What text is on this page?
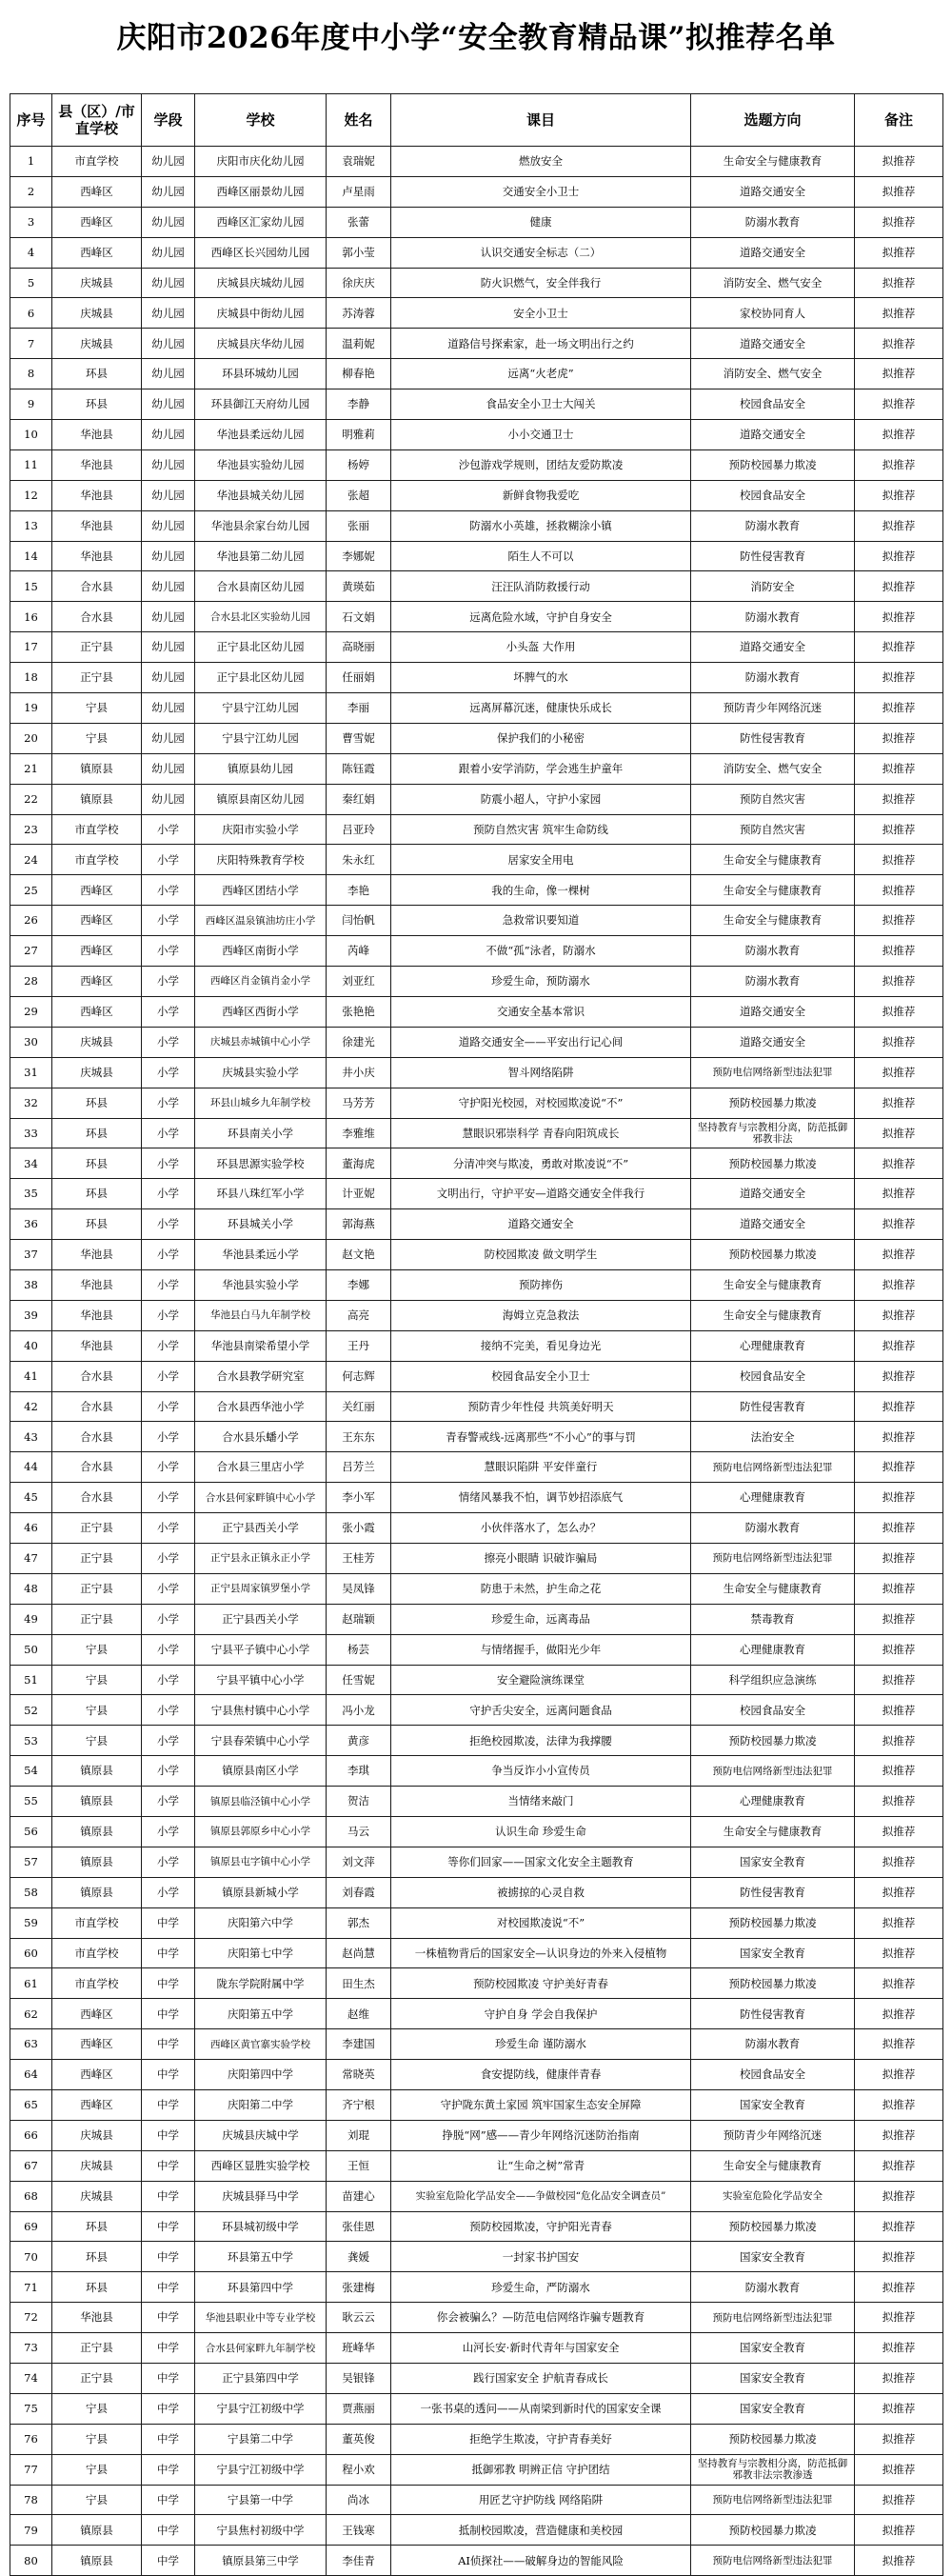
庆阳市2026年度中小学“安全教育精品课”拟推荐名单
序号	县（区）/市直学校	学段	学校	姓名	课目	选题方向	备注
1	市直学校	幼儿园	庆阳市庆化幼儿园	袁瑞妮	燃放安全	生命安全与健康教育	拟推荐
2	西峰区	幼儿园	西峰区丽景幼儿园	卢星雨	交通安全小卫士	道路交通安全	拟推荐
3	西峰区	幼儿园	西峰区汇家幼儿园	张蕾	健康	防溺水教育	拟推荐
4	西峰区	幼儿园	西峰区长兴园幼儿园	郭小莹	认识交通安全标志（二）	道路交通安全	拟推荐
5	庆城县	幼儿园	庆城县庆城幼儿园	徐庆庆	防火识燃气，安全伴我行	消防安全、燃气安全	拟推荐
6	庆城县	幼儿园	庆城县中街幼儿园	苏涛蓉	安全小卫士	家校协同育人	拟推荐
7	庆城县	幼儿园	庆城县庆华幼儿园	温莉妮	道路信号探索家，赴一场文明出行之约	道路交通安全	拟推荐
8	环县	幼儿园	环县环城幼儿园	柳春艳	远离“火老虎”	消防安全、燃气安全	拟推荐
9	环县	幼儿园	环县御江天府幼儿园	李静	食品安全小卫士大闯关	校园食品安全	拟推荐
10	华池县	幼儿园	华池县柔远幼儿园	明雅莉	小小交通卫士	道路交通安全	拟推荐
11	华池县	幼儿园	华池县实验幼儿园	杨婷	沙包游戏学规则，团结友爱防欺凌	预防校园暴力欺凌	拟推荐
12	华池县	幼儿园	华池县城关幼儿园	张超	新鲜食物我爱吃	校园食品安全	拟推荐
13	华池县	幼儿园	华池县余家台幼儿园	张丽	防溺水小英雄，拯救糊涂小镇	防溺水教育	拟推荐
14	华池县	幼儿园	华池县第二幼儿园	李娜妮	陌生人不可以	防性侵害教育	拟推荐
15	合水县	幼儿园	合水县南区幼儿园	黄瑛茹	汪汪队消防救援行动	消防安全	拟推荐
16	合水县	幼儿园	合水县北区实验幼儿园	石文娟	远离危险水域，守护自身安全	防溺水教育	拟推荐
17	正宁县	幼儿园	正宁县北区幼儿园	高晓丽	小头盔 大作用	道路交通安全	拟推荐
18	正宁县	幼儿园	正宁县北区幼儿园	任丽娟	坏脾气的水	防溺水教育	拟推荐
19	宁县	幼儿园	宁县宁江幼儿园	李丽	远离屏幕沉迷，健康快乐成长	预防青少年网络沉迷	拟推荐
20	宁县	幼儿园	宁县宁江幼儿园	曹雪妮	保护我们的小秘密	防性侵害教育	拟推荐
21	镇原县	幼儿园	镇原县幼儿园	陈钰霞	跟着小安学消防，学会逃生护童年	消防安全、燃气安全	拟推荐
22	镇原县	幼儿园	镇原县南区幼儿园	秦红娟	防震小超人，守护小家园	预防自然灾害	拟推荐
23	市直学校	小学	庆阳市实验小学	吕亚玲	预防自然灾害 筑牢生命防线	预防自然灾害	拟推荐
24	市直学校	小学	庆阳特殊教育学校	朱永红	居家安全用电	生命安全与健康教育	拟推荐
25	西峰区	小学	西峰区团结小学	李艳	我的生命，像一棵树	生命安全与健康教育	拟推荐
26	西峰区	小学	西峰区温泉镇油坊庄小学	闫怡帆	急救常识要知道	生命安全与健康教育	拟推荐
27	西峰区	小学	西峰区南街小学	芮峰	不做“孤”泳者，防溺水	防溺水教育	拟推荐
28	西峰区	小学	西峰区肖金镇肖金小学	刘亚红	珍爱生命，预防溺水	防溺水教育	拟推荐
29	西峰区	小学	西峰区西街小学	张艳艳	交通安全基本常识	道路交通安全	拟推荐
30	庆城县	小学	庆城县赤城镇中心小学	徐建光	道路交通安全——平安出行记心间	道路交通安全	拟推荐
31	庆城县	小学	庆城县实验小学	井小庆	智斗网络陷阱	预防电信网络新型违法犯罪	拟推荐
32	环县	小学	环县山城乡九年制学校	马芳芳	守护阳光校园，对校园欺凌说“不”	预防校园暴力欺凌	拟推荐
33	环县	小学	环县南关小学	李雅维	慧眼识邪崇科学 青春向阳筑成长	坚持教育与宗教相分离，防范抵御邪教非法	拟推荐
34	环县	小学	环县思源实验学校	董海虎	分清冲突与欺凌，勇敢对欺凌说“不”	预防校园暴力欺凌	拟推荐
35	环县	小学	环县八珠红军小学	计亚妮	文明出行，守护平安—道路交通安全伴我行	道路交通安全	拟推荐
36	环县	小学	环县城关小学	郭海燕	道路交通安全	道路交通安全	拟推荐
37	华池县	小学	华池县柔远小学	赵文艳	防校园欺凌 做文明学生	预防校园暴力欺凌	拟推荐
38	华池县	小学	华池县实验小学	李娜	预防摔伤	生命安全与健康教育	拟推荐
39	华池县	小学	华池县白马九年制学校	高亮	海姆立克急救法	生命安全与健康教育	拟推荐
40	华池县	小学	华池县南梁希望小学	王丹	接纳不完美，看见身边光	心理健康教育	拟推荐
41	合水县	小学	合水县教学研究室	何志辉	校园食品安全小卫士	校园食品安全	拟推荐
42	合水县	小学	合水县西华池小学	关红丽	预防青少年性侵 共筑美好明天	防性侵害教育	拟推荐
43	合水县	小学	合水县乐蟠小学	王东东	青春警戒线-远离那些“不小心”的事与罚	法治安全	拟推荐
44	合水县	小学	合水县三里店小学	吕芳兰	慧眼识陷阱 平安伴童行	预防电信网络新型违法犯罪	拟推荐
45	合水县	小学	合水县何家畔镇中心小学	李小军	情绪风暴我不怕，调节妙招添底气	心理健康教育	拟推荐
46	正宁县	小学	正宁县西关小学	张小霞	小伙伴落水了，怎么办？	防溺水教育	拟推荐
47	正宁县	小学	正宁县永正镇永正小学	王桂芳	擦亮小眼睛 识破诈骗局	预防电信网络新型违法犯罪	拟推荐
48	正宁县	小学	正宁县周家镇罗堡小学	吴凤锋	防患于未然，护生命之花	生命安全与健康教育	拟推荐
49	正宁县	小学	正宁县西关小学	赵瑞颖	珍爱生命，远离毒品	禁毒教育	拟推荐
50	宁县	小学	宁县平子镇中心小学	杨芸	与情绪握手，做阳光少年	心理健康教育	拟推荐
51	宁县	小学	宁县平镇中心小学	任雪妮	安全避险演练课堂	科学组织应急演练	拟推荐
52	宁县	小学	宁县焦村镇中心小学	冯小龙	守护舌尖安全，远离问题食品	校园食品安全	拟推荐
53	宁县	小学	宁县春荣镇中心小学	黄彦	拒绝校园欺凌，法律为我撑腰	预防校园暴力欺凌	拟推荐
54	镇原县	小学	镇原县南区小学	李琪	争当反诈小小宣传员	预防电信网络新型违法犯罪	拟推荐
55	镇原县	小学	镇原县临泾镇中心小学	贺洁	当情绪来敲门	心理健康教育	拟推荐
56	镇原县	小学	镇原县郭原乡中心小学	马云	认识生命 珍爱生命	生命安全与健康教育	拟推荐
57	镇原县	小学	镇原县屯字镇中心小学	刘文萍	等你们回家——国家文化安全主题教育	国家安全教育	拟推荐
58	镇原县	小学	镇原县新城小学	刘春霞	被掳掠的心灵自救	防性侵害教育	拟推荐
59	市直学校	中学	庆阳第六中学	郭杰	对校园欺凌说“不”	预防校园暴力欺凌	拟推荐
60	市直学校	中学	庆阳第七中学	赵尚慧	一株植物背后的国家安全—认识身边的外来入侵植物	国家安全教育	拟推荐
61	市直学校	中学	陇东学院附属中学	田生杰	预防校园欺凌 守护美好青春	预防校园暴力欺凌	拟推荐
62	西峰区	中学	庆阳第五中学	赵维	守护自身 学会自我保护	防性侵害教育	拟推荐
63	西峰区	中学	西峰区黄官寨实验学校	李建国	珍爱生命 谨防溺水	防溺水教育	拟推荐
64	西峰区	中学	庆阳第四中学	常晓英	食安提防线，健康伴青春	校园食品安全	拟推荐
65	西峰区	中学	庆阳第二中学	齐宁根	守护陇东黄土家园 筑牢国家生态安全屏障	国家安全教育	拟推荐
66	庆城县	中学	庆城县庆城中学	刘琨	挣脱“网”感——青少年网络沉迷防治指南	预防青少年网络沉迷	拟推荐
67	庆城县	中学	西峰区显胜实验学校	王恒	让“生命之树”常青	生命安全与健康教育	拟推荐
68	庆城县	中学	庆城县驿马中学	苗建心	实验室危险化学品安全——争做校园“危化品安全调查员”	实验室危险化学品安全	拟推荐
69	环县	中学	环县城初级中学	张佳恩	预防校园欺凌，守护阳光青春	预防校园暴力欺凌	拟推荐
70	环县	中学	环县第五中学	龚媛	一封家书护国安	国家安全教育	拟推荐
71	环县	中学	环县第四中学	张建梅	珍爱生命，严防溺水	防溺水教育	拟推荐
72	华池县	中学	华池县职业中等专业学校	耿云云	你会被骗么？—防范电信网络诈骗专题教育	预防电信网络新型违法犯罪	拟推荐
73	正宁县	中学	合水县何家畔九年制学校	班峰华	山河长安·新时代青年与国家安全	国家安全教育	拟推荐
74	正宁县	中学	正宁县第四中学	吴银锋	践行国家安全 护航青春成长	国家安全教育	拟推荐
75	宁县	中学	宁县宁江初级中学	贾燕丽	一张书桌的透问——从南梁到新时代的国家安全课	国家安全教育	拟推荐
76	宁县	中学	宁县第二中学	董英俊	拒绝学生欺凌，守护青春美好	预防校园暴力欺凌	拟推荐
77	宁县	中学	宁县宁江初级中学	程小欢	抵御邪教 明辨正信 守护团结	坚持教育与宗教相分离，防范抵御邪教非法宗教渗透	拟推荐
78	宁县	中学	宁县第一中学	尚冰	用匠艺守护防线 网络陷阱	预防电信网络新型违法犯罪	拟推荐
79	镇原县	中学	宁县焦村初级中学	王钱寒	抵制校园欺凌，营造健康和美校园	预防校园暴力欺凌	拟推荐
80	镇原县	中学	镇原县第三中学	李佳青	AI侦探社——破解身边的智能风险	预防电信网络新型违法犯罪	拟推荐
